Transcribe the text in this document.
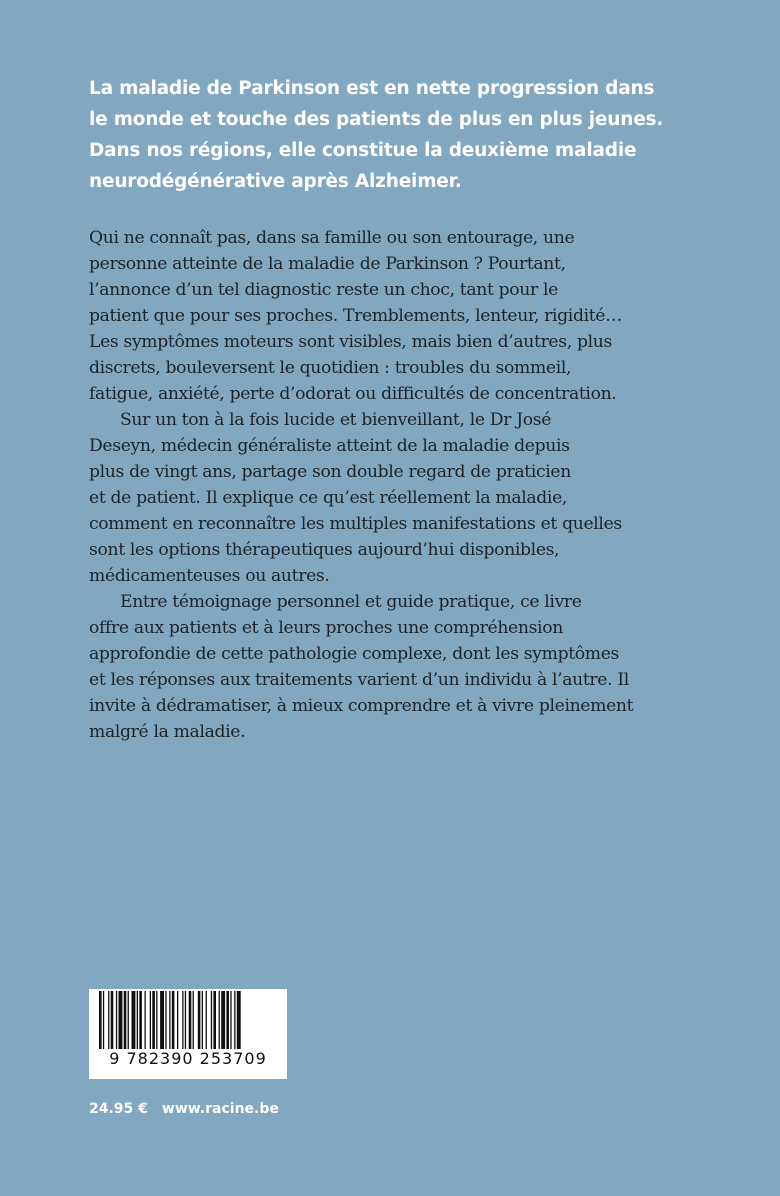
La maladie de Parkinson est en nette progression dans
le monde et touche des patients de plus en plus jeunes.
Dans nos régions, elle constitue la deuxième maladie
neurodégénérative après Alzheimer.

Qui ne connaît pas, dans sa famille ou son entourage, une
personne atteinte de la maladie de Parkinson ? Pourtant,
l’annonce d’un tel diagnostic reste un choc, tant pour le
patient que pour ses proches. Tremblements, lenteur, rigidité…
Les symptômes moteurs sont visibles, mais bien d’autres, plus
discrets, bouleversent le quotidien : troubles du sommeil,
fatigue, anxiété, perte d’odorat ou difficultés de concentration.

Sur un ton à la fois lucide et bienveillant, le Dr José
Deseyn, médecin généraliste atteint de la maladie depuis
plus de vingt ans, partage son double regard de praticien
et de patient. Il explique ce qu’est réellement la maladie,
comment en reconnaître les multiples manifestations et quelles
sont les options thérapeutiques aujourd’hui disponibles,
médicamenteuses ou autres.

Entre témoignage personnel et guide pratique, ce livre
offre aux patients et à leurs proches une compréhension
approfondie de cette pathologie complexe, dont les symptômes
et les réponses aux traitements varient d’un individu à l’autre. Il
invite à dédramatiser, à mieux comprendre et à vivre pleinement
malgré la maladie.

9 782390 253709
24.95 € www.racine.be
